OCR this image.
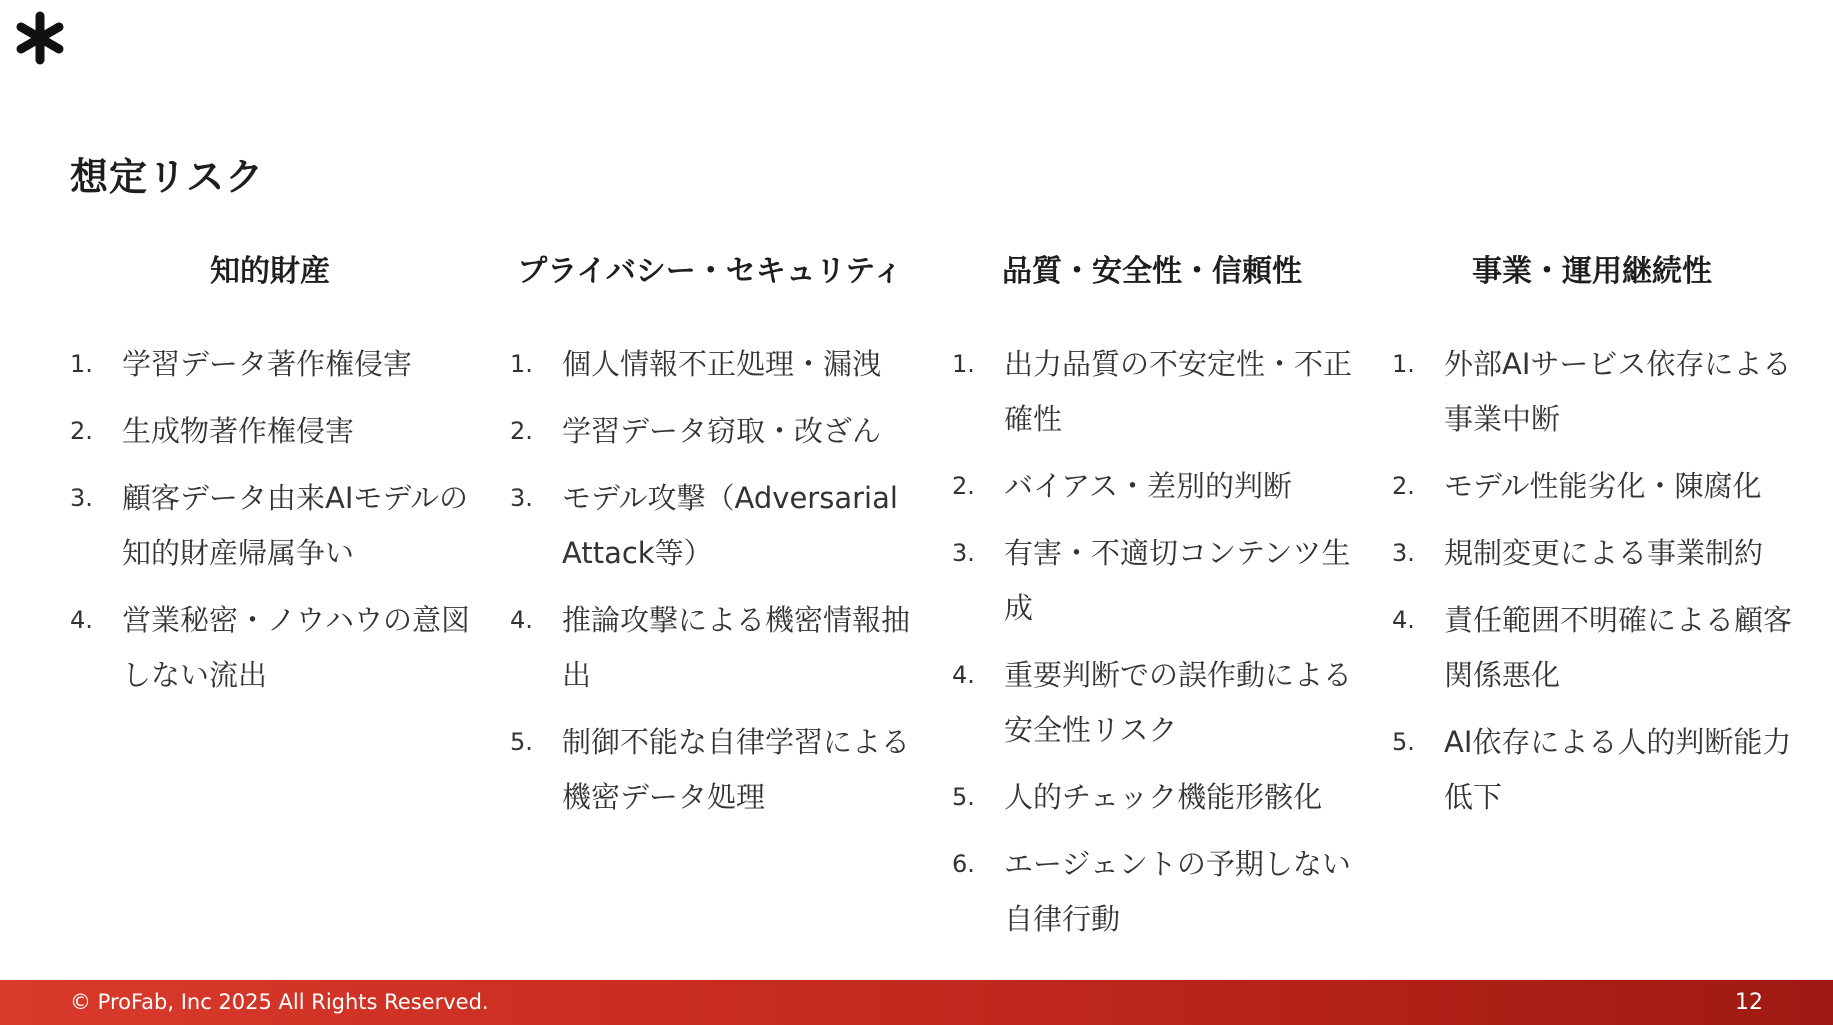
想定リスク
知的財産
1.	学習データ著作権侵害
2.	生成物著作権侵害
3.	顧客データ由来AIモデルの知的財産帰属争い
4.	営業秘密・ノウハウの意図しない流出
プライバシー・セキュリティ
1.	個人情報不正処理・漏洩
2.	学習データ窃取・改ざん
3.	モデル攻撃（Adversarial Attack等）
4.	推論攻撃による機密情報抽出
5.	制御不能な自律学習による機密データ処理
品質・安全性・信頼性
1.	出力品質の不安定性・不正確性
2.	バイアス・差別的判断
3.	有害・不適切コンテンツ生成
4.	重要判断での誤作動による安全性リスク
5.	人的チェック機能形骸化
6.	エージェントの予期しない自律行動
事業・運用継続性
1.	外部AIサービス依存による事業中断
2.	モデル性能劣化・陳腐化
3.	規制変更による事業制約
4.	責任範囲不明確による顧客関係悪化
5.	AI依存による人的判断能力低下
© ProFab, Inc 2025 All Rights Reserved.	12
